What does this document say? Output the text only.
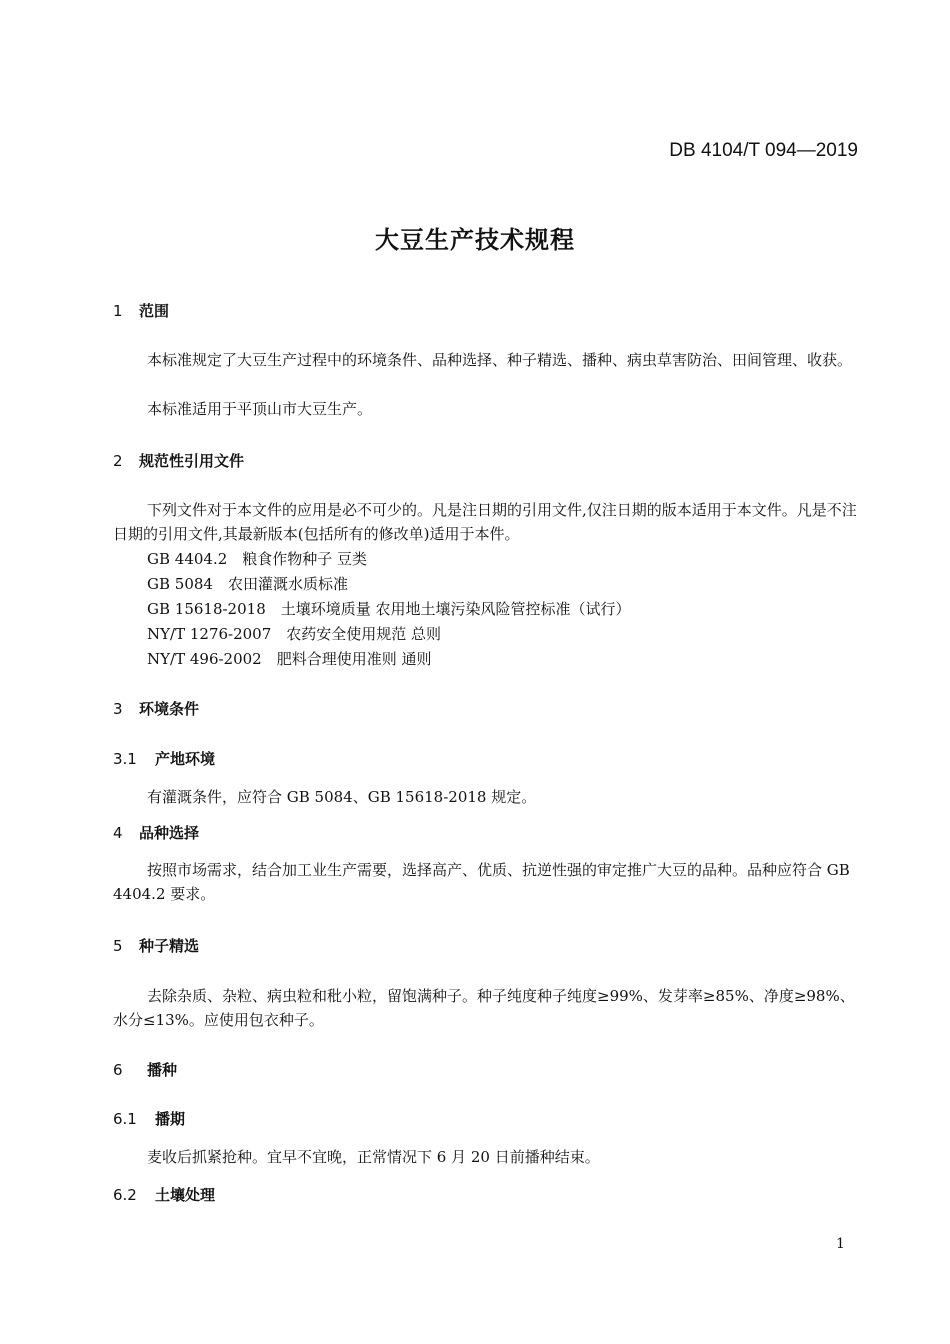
DB 4104/T 094—2019
大豆生产技术规程
1 范围
本标准规定了大豆生产过程中的环境条件、品种选择、种子精选、播种、病虫草害防治、田间管理、收获。
本标准适用于平顶山市大豆生产。
2 规范性引用文件
下列文件对于本文件的应用是必不可少的。凡是注日期的引用文件,仅注日期的版本适用于本文件。凡是不注日期的引用文件,其最新版本(包括所有的修改单)适用于本件。
GB 4404.2　粮食作物种子 豆类
GB 5084　农田灌溉水质标准
GB 15618-2018　土壤环境质量 农用地土壤污染风险管控标准（试行）
NY/T 1276-2007　农药安全使用规范 总则
NY/T 496-2002　肥料合理使用准则 通则
3 环境条件
3.1 产地环境
有灌溉条件，应符合 GB 5084、GB 15618-2018 规定。
4 品种选择
按照市场需求，结合加工业生产需要，选择高产、优质、抗逆性强的审定推广大豆的品种。品种应符合 GB 4404.2 要求。
5 种子精选
去除杂质、杂粒、病虫粒和秕小粒，留饱满种子。种子纯度种子纯度≥99%、发芽率≥85%、净度≥98%、水分≤13%。应使用包衣种子。
6 播种
6.1 播期
麦收后抓紧抢种。宜早不宜晚，正常情况下 6 月 20 日前播种结束。
6.2 土壤处理
1
